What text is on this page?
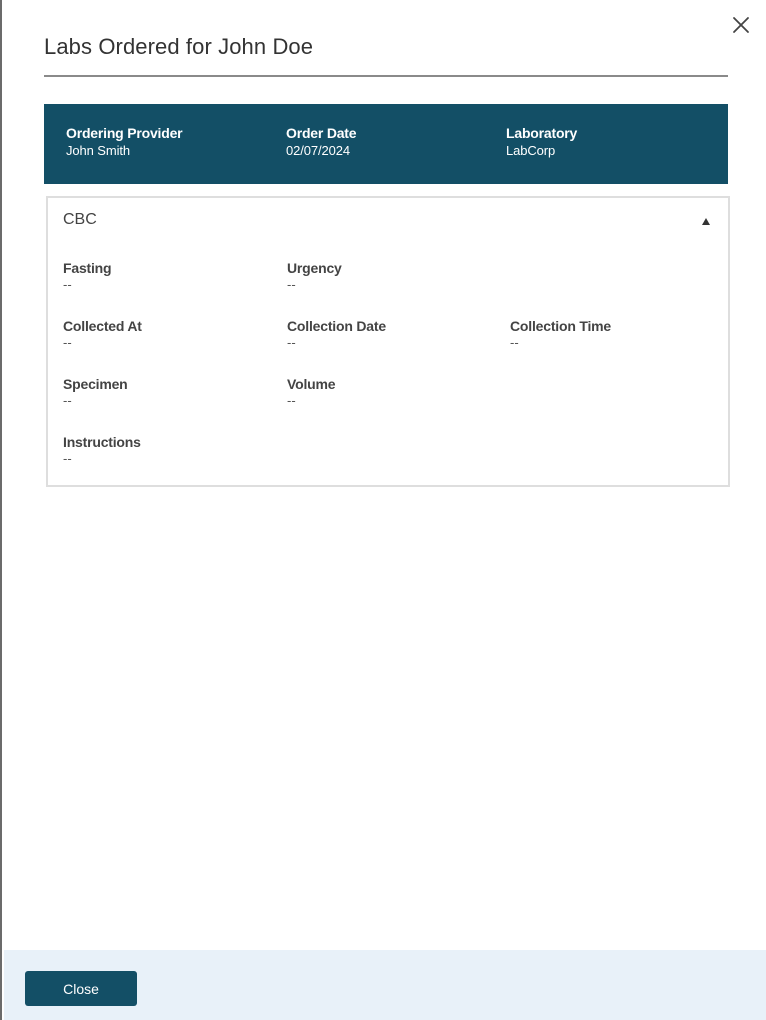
Labs Ordered for John Doe
Ordering Provider
John Smith
Order Date
02/07/2024
Laboratory
LabCorp
CBC
Fasting
--
Urgency
--
Collected At
--
Collection Date
--
Collection Time
--
Specimen
--
Volume
--
Instructions
--
Close
